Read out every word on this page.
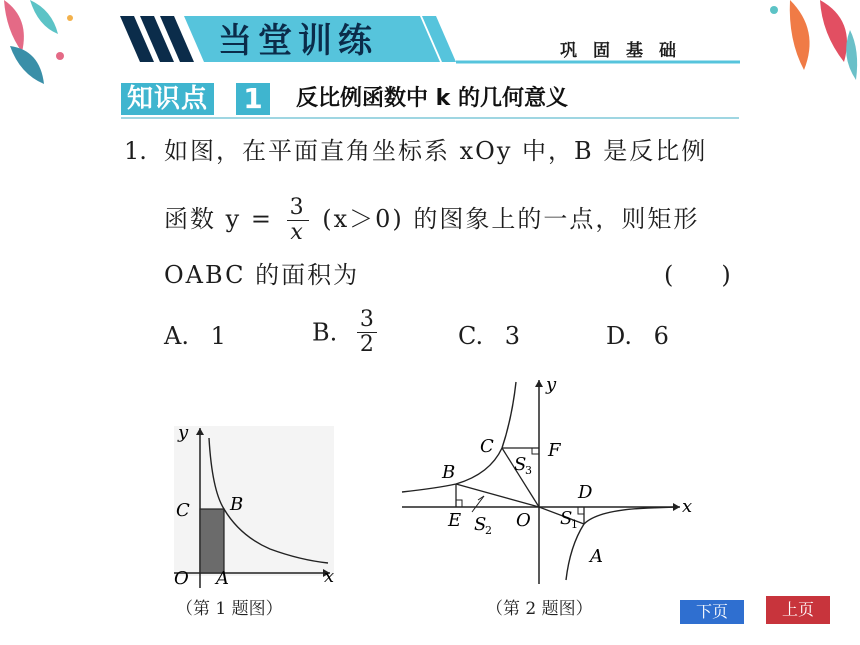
当堂训练	巩固基础
知识点 1	反比例函数中 k 的几何意义
1. 如图，在平面直角坐标系 xOy 中，B 是反比例
函数 $y = \frac{3}{x} (x>0)$ 的图象上的一点，则矩形
OABC 的面积为	(　　)
A. 1	B. $\frac{3}{2}$	C. 3	D. 6
y
x
O A
B
C
（第 1 题图）
y
x
O
A
B
C
D
E
F
S
1
S
2
S
3
（第 2 题图）	下页	上页
